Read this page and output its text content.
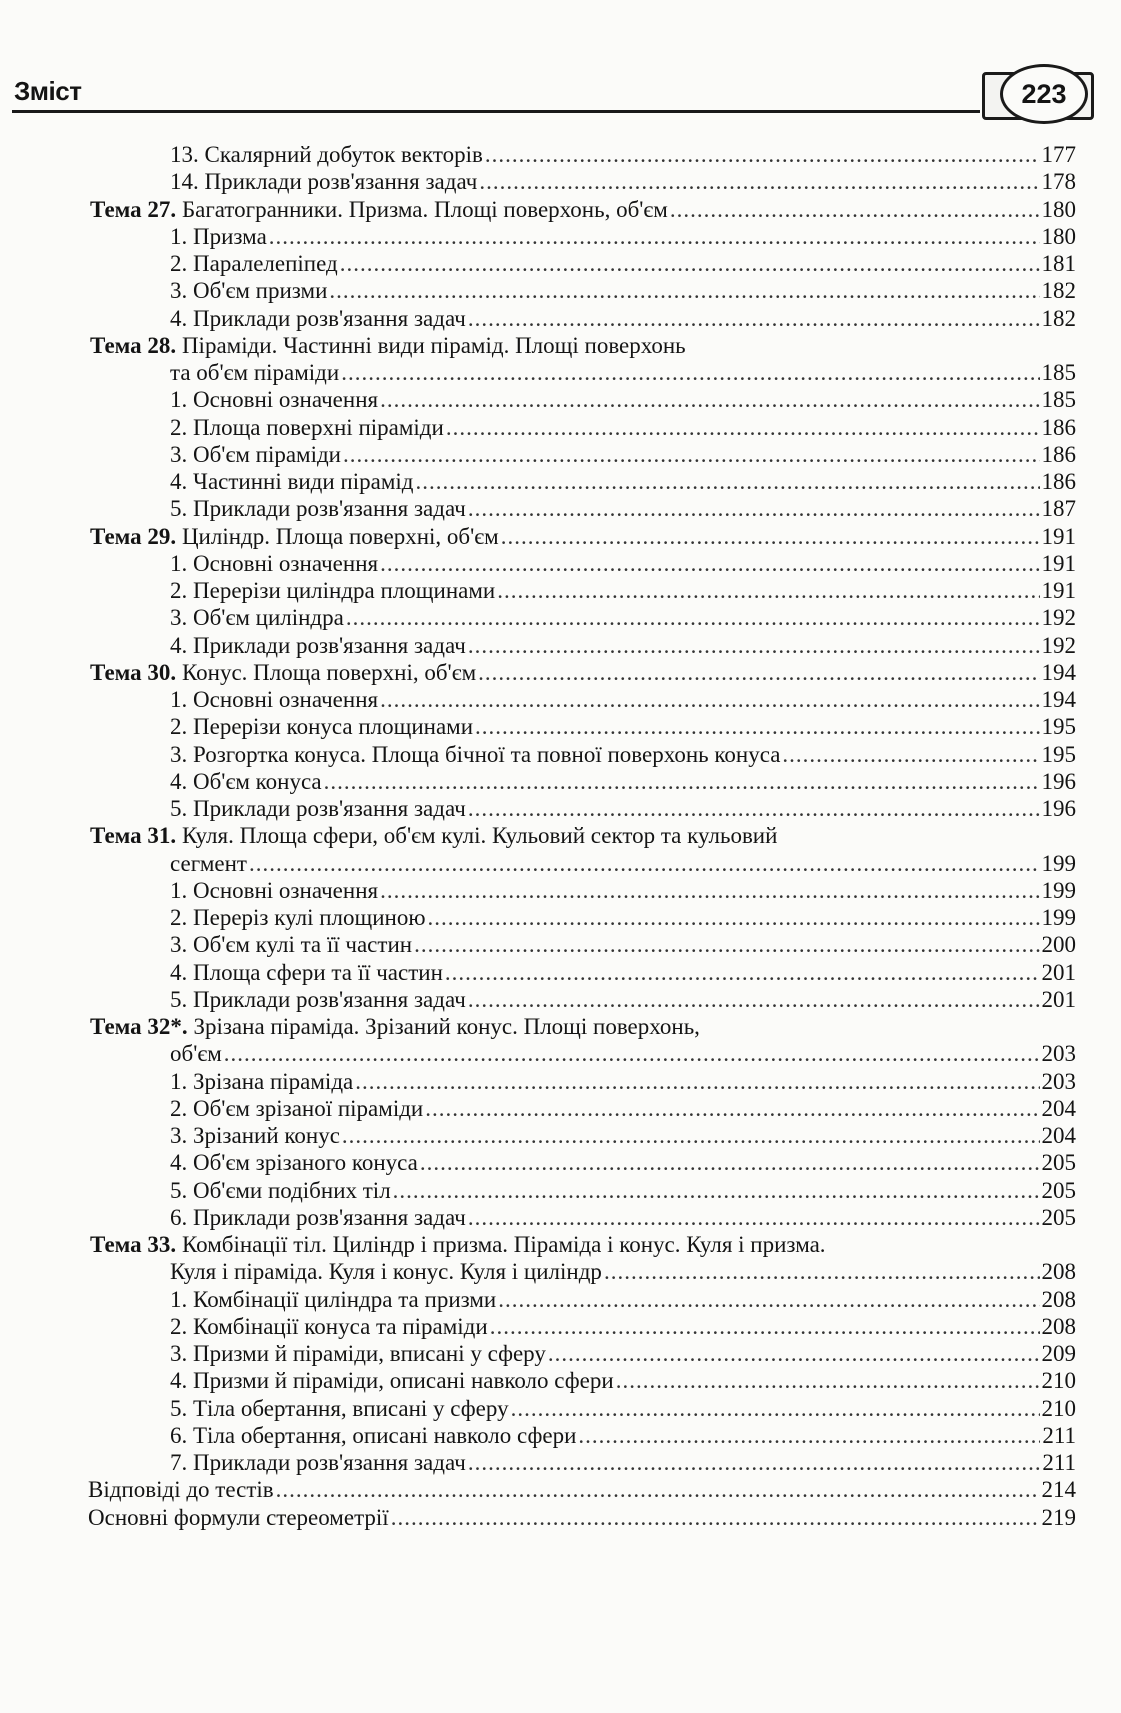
Зміст	223
13. Скалярний добуток векторів .....	177
14. Приклади розв'язання задач .....	178
Тема 27. Багатогранники. Призма. Площі поверхонь, об'єм .....	180
1. Призма .....	180
2. Паралелепіпед .....	181
3. Об'єм призми .....	182
4. Приклади розв'язання задач .....	182
Тема 28. Піраміди. Частинні види пірамід. Площі поверхонь
та об'єм піраміди .....	185
1. Основні означення .....	185
2. Площа поверхні піраміди .....	186
3. Об'єм піраміди .....	186
4. Частинні види пірамід .....	186
5. Приклади розв'язання задач .....	187
Тема 29. Циліндр. Площа поверхні, об'єм .....	191
1. Основні означення .....	191
2. Перерізи циліндра площинами .....	191
3. Об'єм циліндра .....	192
4. Приклади розв'язання задач .....	192
Тема 30. Конус. Площа поверхні, об'єм .....	194
1. Основні означення .....	194
2. Перерізи конуса площинами .....	195
3. Розгортка конуса. Площа бічної та повної поверхонь конуса .....	195
4. Об'єм конуса .....	196
5. Приклади розв'язання задач .....	196
Тема 31. Куля. Площа сфери, об'єм кулі. Кульовий сектор та кульовий
сегмент .....	199
1. Основні означення .....	199
2. Переріз кулі площиною .....	199
3. Об'єм кулі та її частин .....	200
4. Площа сфери та її частин .....	201
5. Приклади розв'язання задач .....	201
Тема 32*. Зрізана піраміда. Зрізаний конус. Площі поверхонь,
об'єм .....	203
1. Зрізана піраміда .....	203
2. Об'єм зрізаної піраміди .....	204
3. Зрізаний конус .....	204
4. Об'єм зрізаного конуса .....	205
5. Об'єми подібних тіл .....	205
6. Приклади розв'язання задач .....	205
Тема 33. Комбінації тіл. Циліндр і призма. Піраміда і конус. Куля і призма.
Куля і піраміда. Куля і конус. Куля і циліндр .....	208
1. Комбінації циліндра та призми .....	208
2. Комбінації конуса та піраміди .....	208
3. Призми й піраміди, вписані у сферу .....	209
4. Призми й піраміди, описані навколо сфери .....	210
5. Тіла обертання, вписані у сферу .....	210
6. Тіла обертання, описані навколо сфери .....	211
7. Приклади розв'язання задач .....	211
Відповіді до тестів .....	214
Основні формули стереометрії .....	219
